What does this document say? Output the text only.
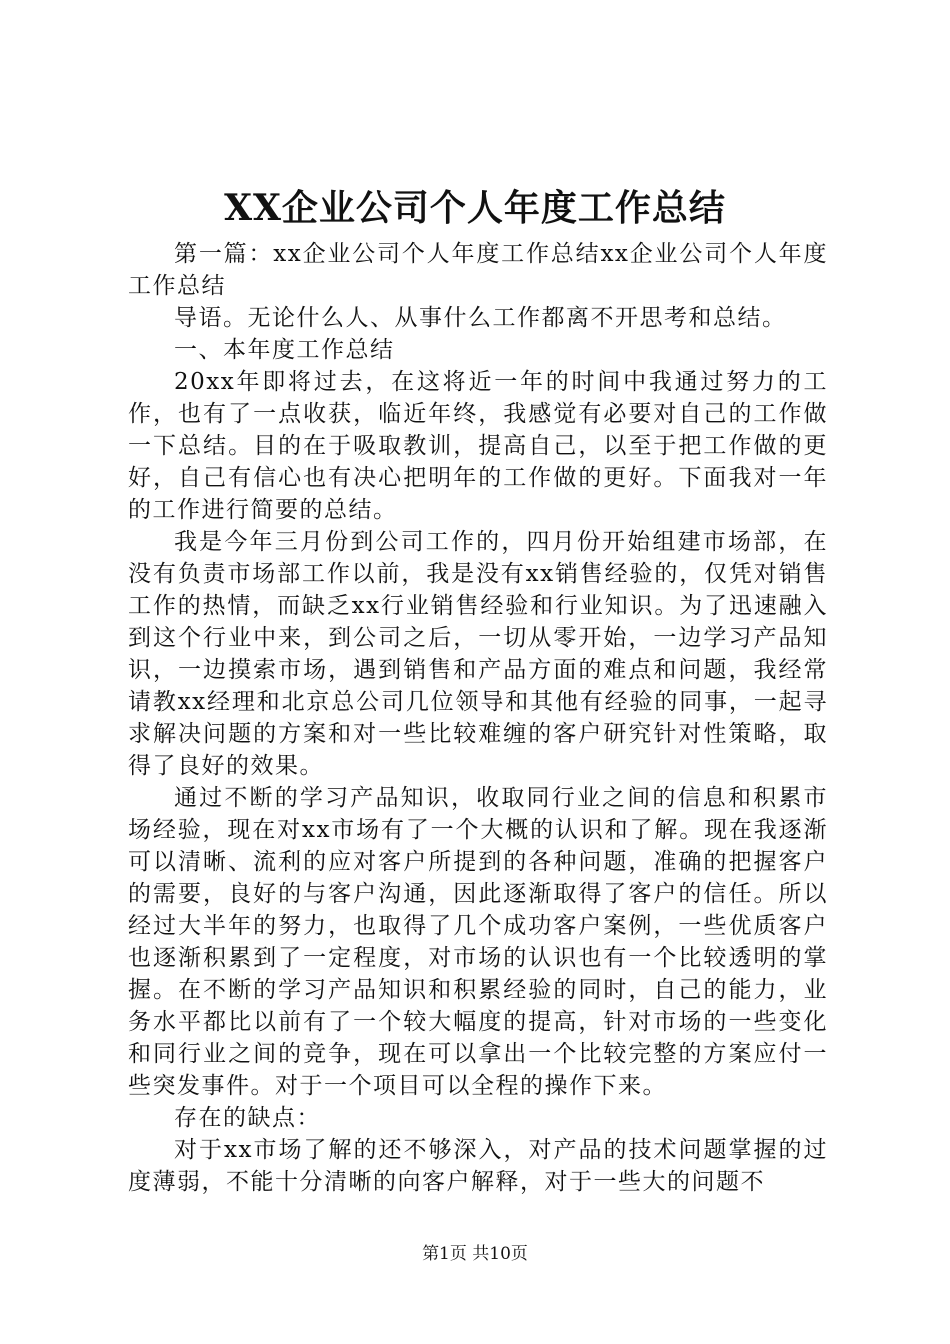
XX企业公司个人年度工作总结

第一篇：xx企业公司个人年度工作总结xx企业公司个人年度工作总结

导语。无论什么人、从事什么工作都离不开思考和总结。

一、本年度工作总结

20xx年即将过去，在这将近一年的时间中我通过努力的工作，也有了一点收获，临近年终，我感觉有必要对自己的工作做一下总结。目的在于吸取教训，提高自己，以至于把工作做的更好，自己有信心也有决心把明年的工作做的更好。下面我对一年的工作进行简要的总结。

我是今年三月份到公司工作的，四月份开始组建市场部，在没有负责市场部工作以前，我是没有xx销售经验的，仅凭对销售工作的热情，而缺乏xx行业销售经验和行业知识。为了迅速融入到这个行业中来，到公司之后，一切从零开始，一边学习产品知识，一边摸索市场，遇到销售和产品方面的难点和问题，我经常请教xx经理和北京总公司几位领导和其他有经验的同事，一起寻求解决问题的方案和对一些比较难缠的客户研究针对性策略，取得了良好的效果。

通过不断的学习产品知识，收取同行业之间的信息和积累市场经验，现在对xx市场有了一个大概的认识和了解。现在我逐渐可以清晰、流利的应对客户所提到的各种问题，准确的把握客户的需要，良好的与客户沟通，因此逐渐取得了客户的信任。所以经过大半年的努力，也取得了几个成功客户案例，一些优质客户也逐渐积累到了一定程度，对市场的认识也有一个比较透明的掌握。在不断的学习产品知识和积累经验的同时，自己的能力，业务水平都比以前有了一个较大幅度的提高，针对市场的一些变化和同行业之间的竞争，现在可以拿出一个比较完整的方案应付一些突发事件。对于一个项目可以全程的操作下来。

存在的缺点：

对于xx市场了解的还不够深入，对产品的技术问题掌握的过度薄弱，不能十分清晰的向客户解释，对于一些大的问题不

第1页 共10页
